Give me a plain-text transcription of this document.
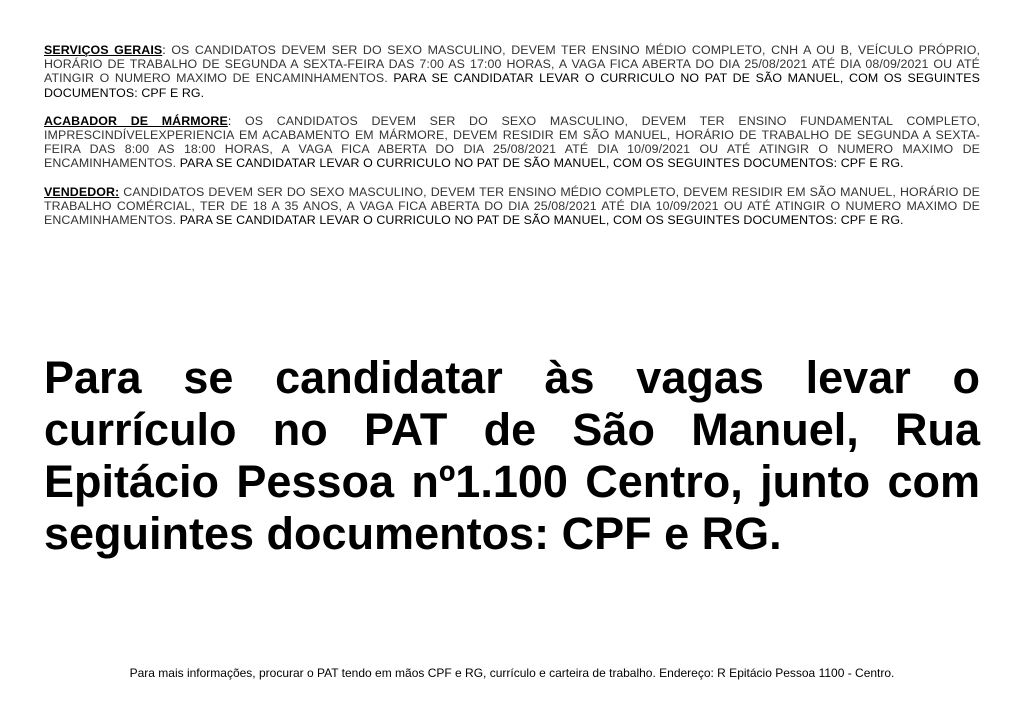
SERVIÇOS GERAIS: OS CANDIDATOS DEVEM SER DO SEXO MASCULINO, DEVEM TER ENSINO MÉDIO COMPLETO, CNH A OU B, VEÍCULO PRÓPRIO, HORÁRIO DE TRABALHO DE SEGUNDA A SEXTA-FEIRA DAS 7:00 AS 17:00 HORAS, A VAGA FICA ABERTA DO DIA 25/08/2021 ATÉ DIA 08/09/2021 OU ATÉ ATINGIR O NUMERO MAXIMO DE ENCAMINHAMENTOS. PARA SE CANDIDATAR LEVAR O CURRICULO NO PAT DE SÃO MANUEL, COM OS SEGUINTES DOCUMENTOS: CPF E RG.

ACABADOR DE MÁRMORE: OS CANDIDATOS DEVEM SER DO SEXO MASCULINO, DEVEM TER ENSINO FUNDAMENTAL COMPLETO, IMPRESCINDÍVELEXPERIENCIA EM ACABAMENTO EM MÁRMORE, DEVEM RESIDIR EM SÃO MANUEL, HORÁRIO DE TRABALHO DE SEGUNDA A SEXTA-FEIRA DAS 8:00 AS 18:00 HORAS, A VAGA FICA ABERTA DO DIA 25/08/2021 ATÉ DIA 10/09/2021 OU ATÉ ATINGIR O NUMERO MAXIMO DE ENCAMINHAMENTOS. PARA SE CANDIDATAR LEVAR O CURRICULO NO PAT DE SÃO MANUEL, COM OS SEGUINTES DOCUMENTOS: CPF E RG.

VENDEDOR: CANDIDATOS DEVEM SER DO SEXO MASCULINO, DEVEM TER ENSINO MÉDIO COMPLETO, DEVEM RESIDIR EM SÃO MANUEL, HORÁRIO DE TRABALHO COMÉRCIAL, TER DE 18 A 35 ANOS, A VAGA FICA ABERTA DO DIA 25/08/2021 ATÉ DIA 10/09/2021 OU ATÉ ATINGIR O NUMERO MAXIMO DE ENCAMINHAMENTOS. PARA SE CANDIDATAR LEVAR O CURRICULO NO PAT DE SÃO MANUEL, COM OS SEGUINTES DOCUMENTOS: CPF E RG.

Para se candidatar às vagas levar o currículo no PAT de São Manuel, Rua Epitácio Pessoa nº1.100 Centro, junto com seguintes documentos: CPF e RG.
Para mais informações, procurar o PAT tendo em mãos CPF e RG, currículo e carteira de trabalho. Endereço: R Epitácio Pessoa 1100 - Centro.
